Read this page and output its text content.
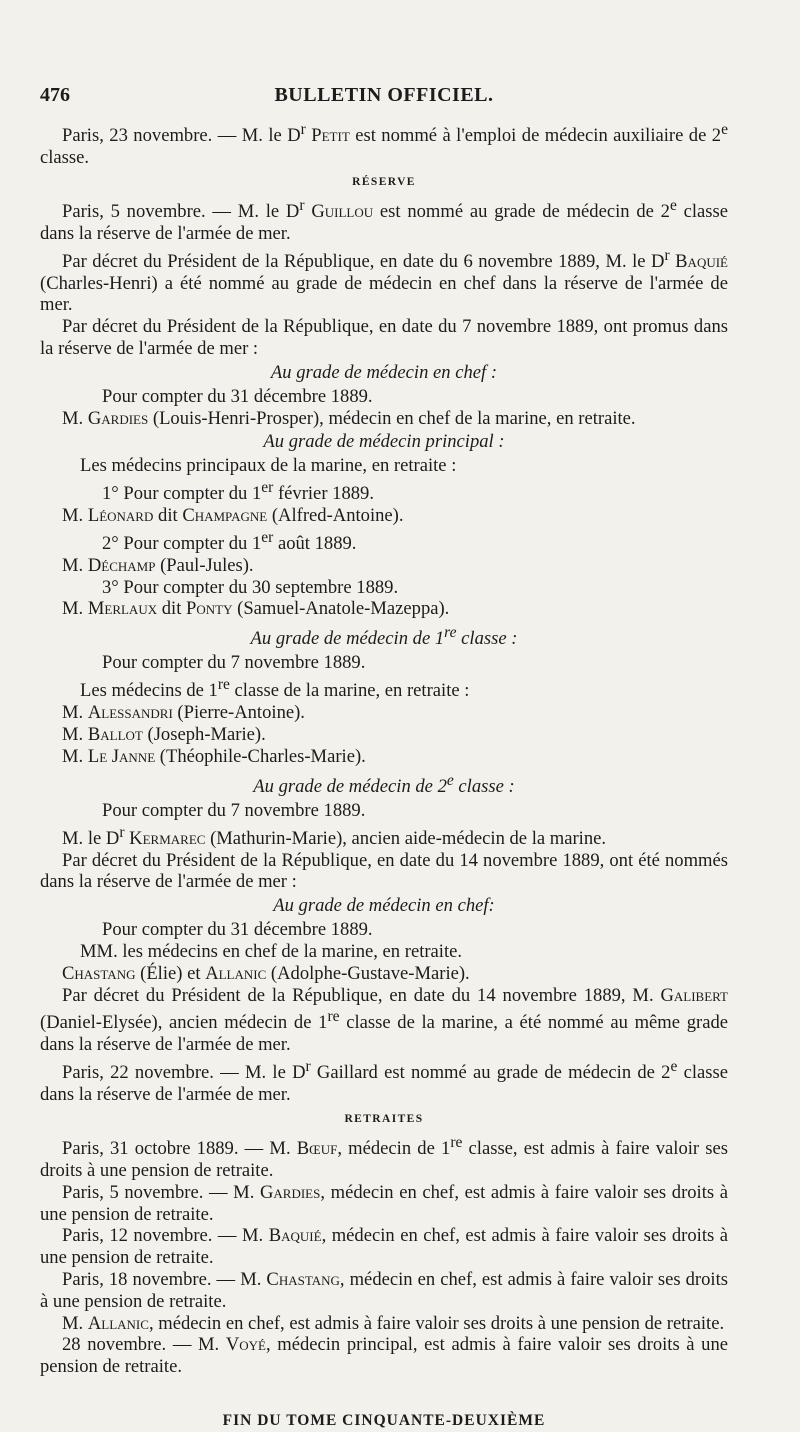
476	BULLETIN OFFICIEL.

Paris, 23 novembre. — M. le $D^r$ Petit est nommé à l'emploi de médecin auxiliaire de 2e classe.

RÉSERVE

Paris, 5 novembre. — M. le $D^r$ Guillou est nommé au grade de médecin de 2e classe dans la réserve de l'armée de mer.

Par décret du Président de la République, en date du 6 novembre 1889, M. le $D^r$ Baquié (Charles-Henri) a été nommé au grade de médecin en chef dans la réserve de l'armée de mer.

Par décret du Président de la République, en date du 7 novembre 1889, ont promus dans la réserve de l'armée de mer :

Au grade de médecin en chef :

Pour compter du 31 décembre 1889.

M. Gardies (Louis-Henri-Prosper), médecin en chef de la marine, en retraite.

Au grade de médecin principal :

Les médecins principaux de la marine, en retraite :

1° Pour compter du 1er février 1889.

M. Léonard dit Champagne (Alfred-Antoine).

2° Pour compter du 1er août 1889.

M. Déchamp (Paul-Jules).

3° Pour compter du 30 septembre 1889.

M. Merlaux dit Ponty (Samuel-Anatole-Mazeppa).

Au grade de médecin de 1re classe :

Pour compter du 7 novembre 1889.

Les médecins de 1re classe de la marine, en retraite :

M. Alessandri (Pierre-Antoine).

M. Ballot (Joseph-Marie).

M. Le Janne (Théophile-Charles-Marie).

Au grade de médecin de 2e classe :

Pour compter du 7 novembre 1889.

M. le $D^r$ Kermarec (Mathurin-Marie), ancien aide-médecin de la marine.

Par décret du Président de la République, en date du 14 novembre 1889, ont été nommés dans la réserve de l'armée de mer :

Au grade de médecin en chef:

Pour compter du 31 décembre 1889.

MM. les médecins en chef de la marine, en retraite.

Chastang (Élie) et Allanic (Adolphe-Gustave-Marie).

Par décret du Président de la République, en date du 14 novembre 1889, M. Galibert (Daniel-Elysée), ancien médecin de 1re classe de la marine, a été nommé au même grade dans la réserve de l'armée de mer.

Paris, 22 novembre. — M. le $D^r$ Gaillard est nommé au grade de médecin de 2e classe dans la réserve de l'armée de mer.

RETRAITES

Paris, 31 octobre 1889. — M. Bœuf, médecin de 1re classe, est admis à faire valoir ses droits à une pension de retraite.

Paris, 5 novembre. — M. Gardies, médecin en chef, est admis à faire valoir ses droits à une pension de retraite.

Paris, 12 novembre. — M. Baquié, médecin en chef, est admis à faire valoir ses droits à une pension de retraite.

Paris, 18 novembre. — M. Chastang, médecin en chef, est admis à faire valoir ses droits à une pension de retraite.

M. Allanic, médecin en chef, est admis à faire valoir ses droits à une pension de retraite.

28 novembre. — M. Voyé, médecin principal, est admis à faire valoir ses droits à une pension de retraite.

FIN DU TOME CINQUANTE-DEUXIÈME
